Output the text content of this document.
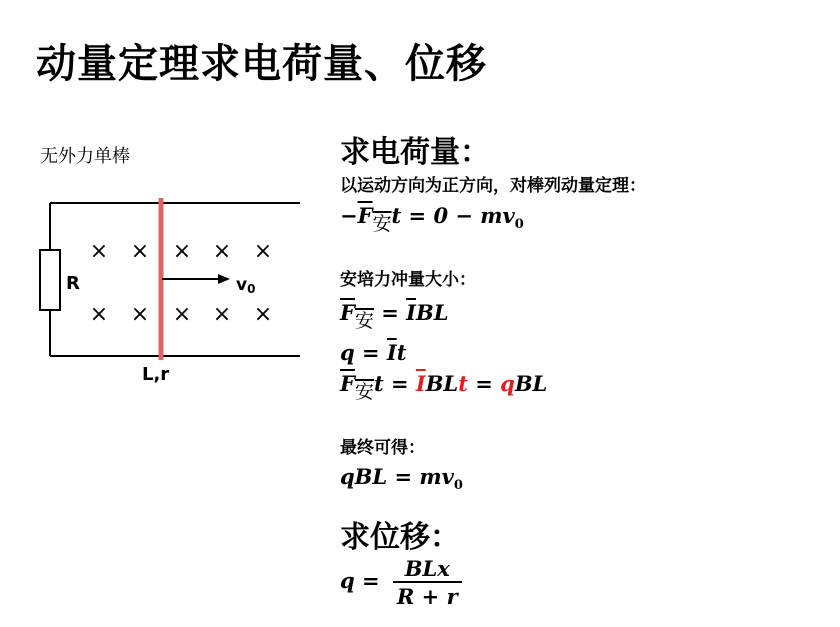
动量定理求电荷量、位移
无外力单棒
R
× × × × ×
× × × × ×
L,r
v0
求电荷量：
以运动方向为正方向，对棒列动量定理：
−F安$t = 0 - mv_0$
安培力冲量大小：
F安 = $\overline{I}BL$
$q = \overline{I}t$
F安$t = \overline{I}BLt$ = qBL
最终可得：
qBL = $mv_0$
求位移：
$q = \frac{\text{BLx}}{R + r}$
